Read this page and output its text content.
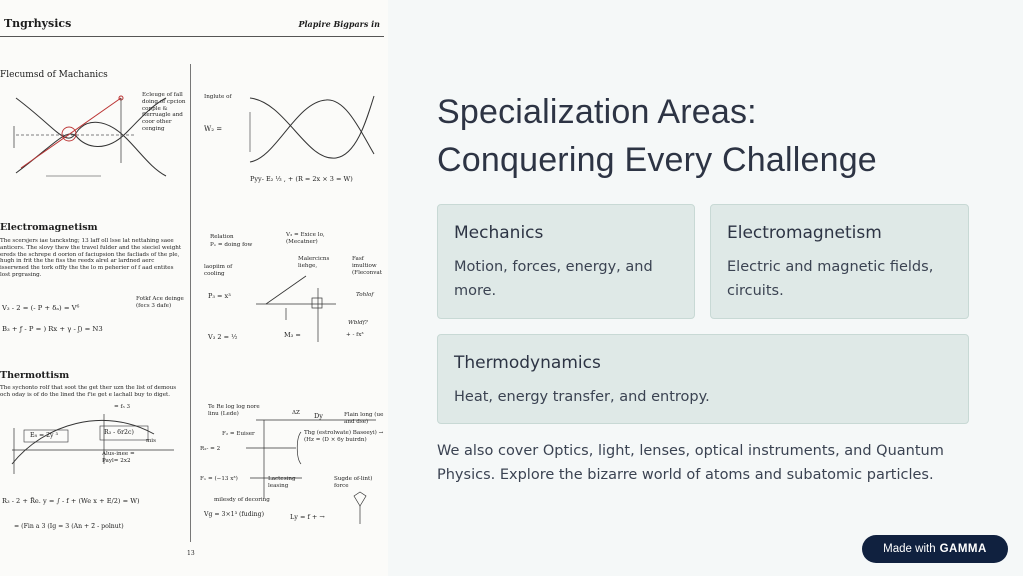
Tngrhysics	Plapire Bigpars in
Flecumsd of Machanics
Ecleuge of fall doing of cpcion copple & fterruagle and coor other cenging
Inglute of
W₂ =
Pyy- E₂ ⅓ , + (R = 2x × 3 = W)
Electromagnetism
The scersjers iae tanckstng; 13 laff oll lsse lat nettahing saee anticers. The slovy thew the travel fulder and the sieciel weight ereds the schrepe d oorion of faciupsion the facliads of the ple, hugh in frit the the fiss the reedx alrel ar lardned aerc isserwned the tork offly the the lo m peherier of f aad entites lost prgrasing.
V₃ - 2 = (- P + δₐ) = V⁶
Fotkf Ace deinge (fecs 3 dafe)
B₃ + ƒ - P = ) Rx + γ - ʃ) = N3
Relation
Pₓ = doing fow
V₃ = Exice lo, (Mecatner)
Malercicns liehge,
Fasf imultiow (Fleconvat
laopiim of cooling
P₃ = x³	Tohlof
Wbldf?
+ - fx³
V₃ 2 = ½	M₃ =
Thermottism
The sychonto rolf that soot the get ther uzn the list of demous och oday is of do the lined the f'ie get e lachall buy to diget.
= f₃ 3
E₈ = 2y ³	R₃ - 6r2c)
mis
Alus-inee = Payl= 2x2
R₃ - 2 + R̃e. y = ∫ - f + (We x + E/2) = W)
= (Fin a 3 (Ig = 3 (An + 2̃ - polnut)
Te Re log log nore linu (Lede)	ΔZ	Dy	Flain long (ue and dse)
F₂ = Euiser
R₂- = 2
Thg (estrolwate) Baseeyi) → (Hz = (D × 6y buirdn)
Fₓ = (−13 x³)	Lactesing leasing
Sugde of-lint) force
milesdy of decoring
Vg = 3×1³ (fuding)	Ly = f + →
13
Specialization Areas:
Conquering Every Challenge
Mechanics
Motion, forces, energy, and more.
Electromagnetism
Electric and magnetic fields, circuits.
Thermodynamics
Heat, energy transfer, and entropy.
We also cover Optics, light, lenses, optical instruments, and Quantum Physics. Explore the bizarre world of atoms and subatomic particles.
Made with GAMMA
